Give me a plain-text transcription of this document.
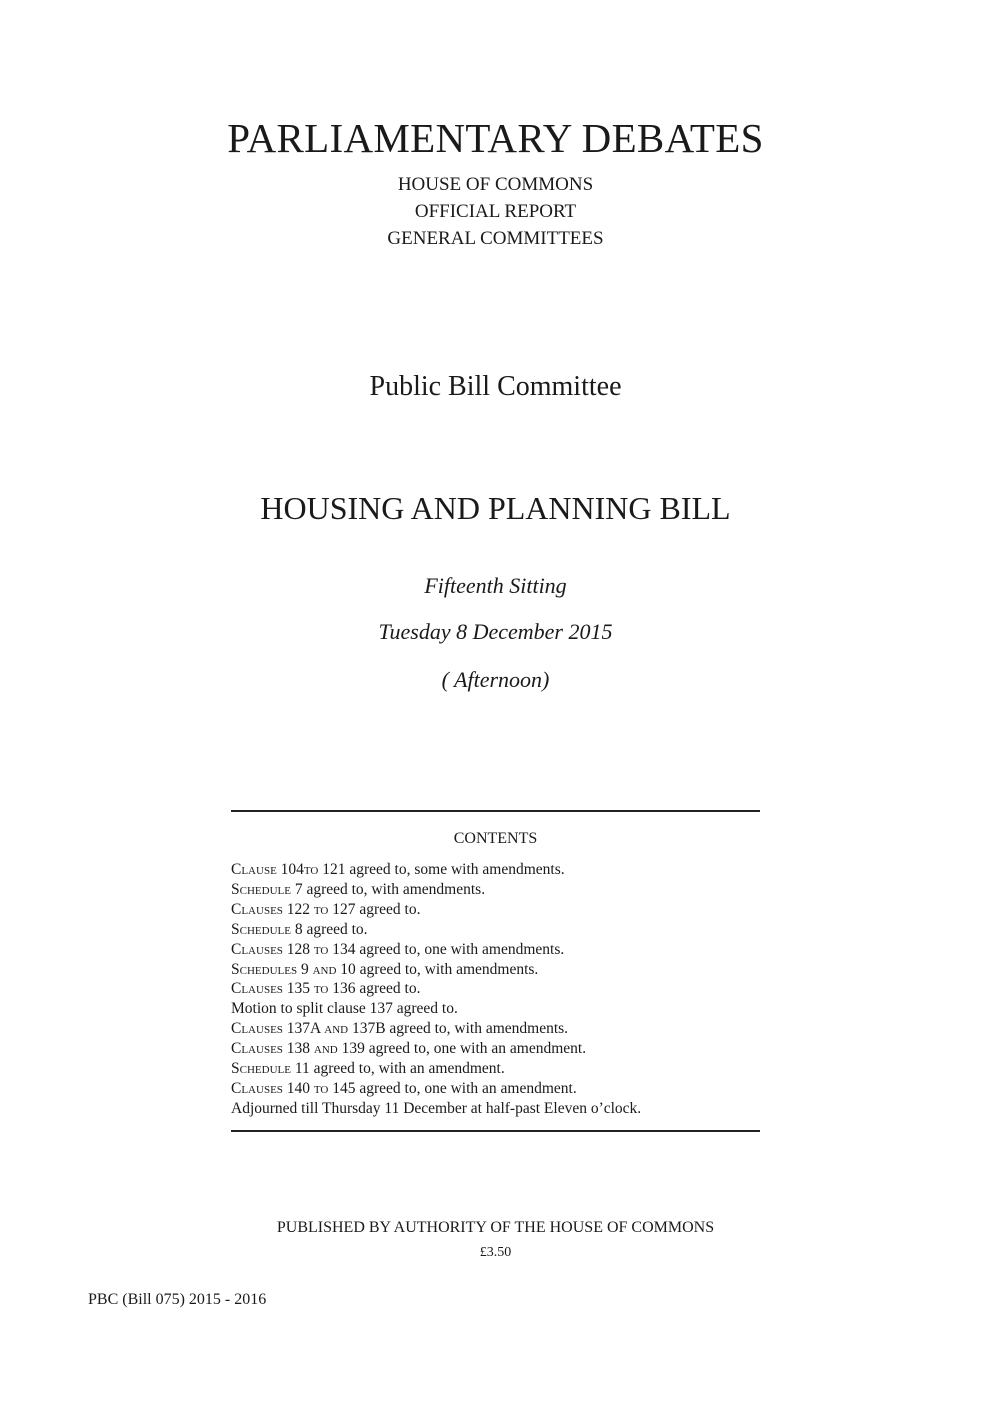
PARLIAMENTARY DEBATES
HOUSE OF COMMONS
OFFICIAL REPORT
GENERAL COMMITTEES
Public Bill Committee
HOUSING AND PLANNING BILL
Fifteenth Sitting
Tuesday 8 December 2015
( Afternoon)
CONTENTS
Clause 104to 121 agreed to, some with amendments.
Schedule 7 agreed to, with amendments.
Clauses 122 to 127 agreed to.
Schedule 8 agreed to.
Clauses 128 to 134 agreed to, one with amendments.
Schedules 9 and 10 agreed to, with amendments.
Clauses 135 to 136 agreed to.
Motion to split clause 137 agreed to.
Clauses 137A and 137B agreed to, with amendments.
Clauses 138 and 139 agreed to, one with an amendment.
Schedule 11 agreed to, with an amendment.
Clauses 140 to 145 agreed to, one with an amendment.
Adjourned till Thursday 11 December at half-past Eleven o’clock.
PUBLISHED BY AUTHORITY OF THE HOUSE OF COMMONS
£3.50
PBC (Bill 075) 2015 - 2016
